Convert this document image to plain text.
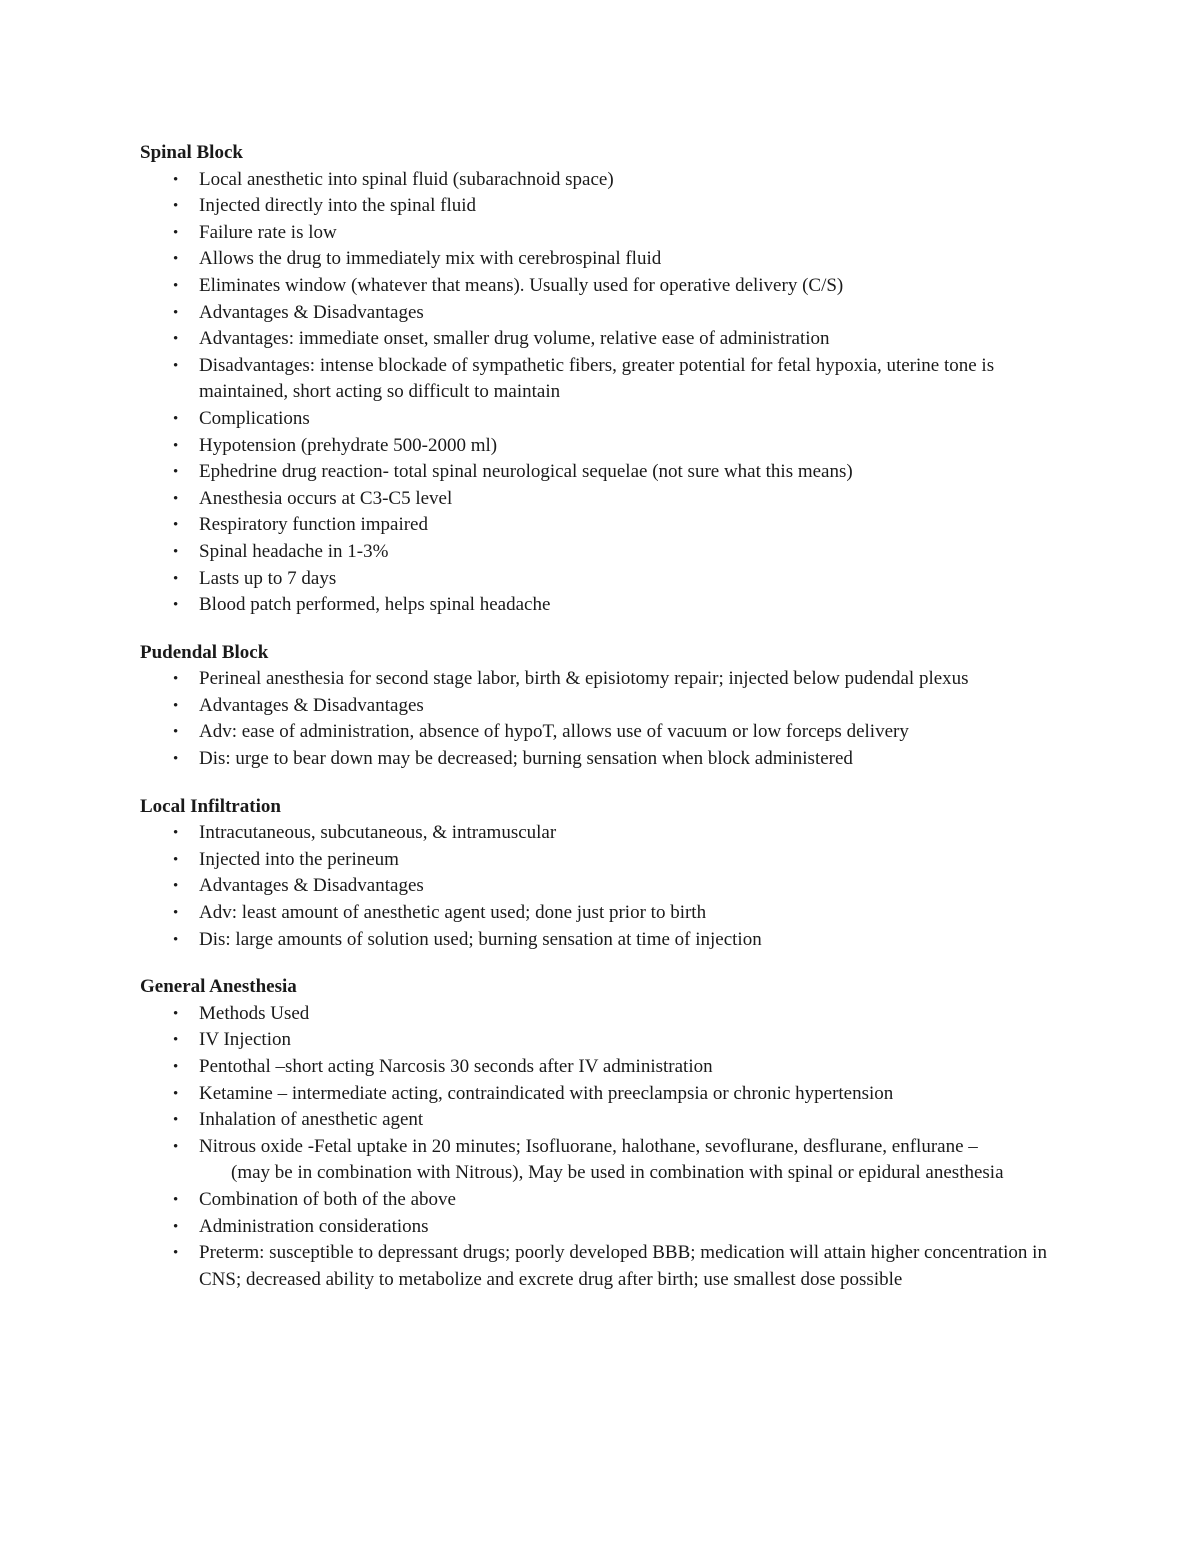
Spinal Block

• Local anesthetic into spinal fluid (subarachnoid space)
• Injected directly into the spinal fluid
• Failure rate is low
• Allows the drug to immediately mix with cerebrospinal fluid
• Eliminates window (whatever that means). Usually used for operative delivery (C/S)
• Advantages & Disadvantages
• Advantages: immediate onset, smaller drug volume, relative ease of administration
• Disadvantages: intense blockade of sympathetic fibers, greater potential for fetal hypoxia, uterine tone is maintained, short acting so difficult to maintain
• Complications
• Hypotension (prehydrate 500-2000 ml)
• Ephedrine drug reaction- total spinal neurological sequelae (not sure what this means)
• Anesthesia occurs at C3-C5 level
• Respiratory function impaired
• Spinal headache in 1-3%
• Lasts up to 7 days
• Blood patch performed, helps spinal headache

Pudendal Block

• Perineal anesthesia for second stage labor, birth & episiotomy repair; injected below pudendal plexus
• Advantages & Disadvantages
• Adv: ease of administration, absence of hypoT, allows use of vacuum or low forceps delivery
• Dis: urge to bear down may be decreased; burning sensation when block administered

Local Infiltration

• Intracutaneous, subcutaneous, & intramuscular
• Injected into the perineum
• Advantages & Disadvantages
• Adv: least amount of anesthetic agent used; done just prior to birth
• Dis: large amounts of solution used; burning sensation at time of injection

General Anesthesia

• Methods Used
• IV Injection
• Pentothal –short acting Narcosis 30 seconds after IV administration
• Ketamine – intermediate acting, contraindicated with preeclampsia or chronic hypertension
• Inhalation of anesthetic agent
• Nitrous oxide -Fetal uptake in 20 minutes; Isofluorane, halothane, sevoflurane, desflurane, enflurane –
(may be in combination with Nitrous), May be used in combination with spinal or epidural anesthesia
• Combination of both of the above
• Administration considerations
• Preterm: susceptible to depressant drugs; poorly developed BBB; medication will attain higher concentration in CNS; decreased ability to metabolize and excrete drug after birth; use smallest dose possible
